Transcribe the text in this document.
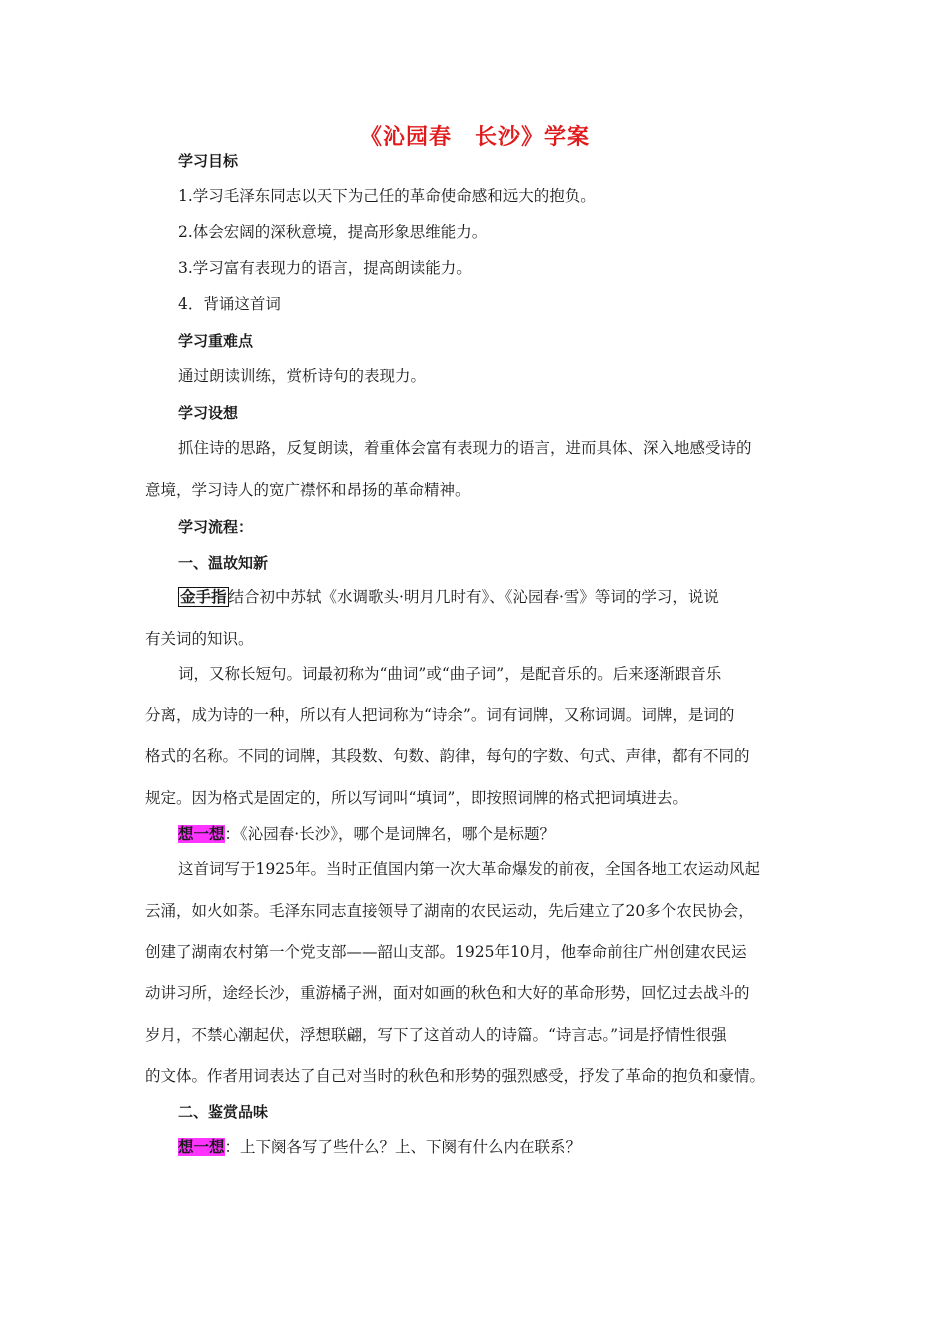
《沁园春　长沙》学案
学习目标
1.学习毛泽东同志以天下为己任的革命使命感和远大的抱负。
2.体会宏阔的深秋意境，提高形象思维能力。
3.学习富有表现力的语言，提高朗读能力。
4．背诵这首词
学习重难点
通过朗读训练，赏析诗句的表现力。
学习设想
抓住诗的思路，反复朗读，着重体会富有表现力的语言，进而具体、深入地感受诗的
意境，学习诗人的宽广襟怀和昂扬的革命精神。
学习流程：
一、温故知新
金手指 结合初中苏轼《水调歌头·明月几时有》、《沁园春·雪》等词的学习，说说
有关词的知识。
词，又称长短句。词最初称为“曲词”或“曲子词”，是配音乐的。后来逐渐跟音乐
分离，成为诗的一种，所以有人把词称为“诗余”。词有词牌，又称词调。词牌，是词的
格式的名称。不同的词牌，其段数、句数、韵律，每句的字数、句式、声律，都有不同的
规定。因为格式是固定的，所以写词叫“填词”，即按照词牌的格式把词填进去。
想一想：《沁园春·长沙》，哪个是词牌名，哪个是标题？
这首词写于1925年。当时正值国内第一次大革命爆发的前夜，全国各地工农运动风起
云涌，如火如荼。毛泽东同志直接领导了湖南的农民运动，先后建立了20多个农民协会，
创建了湖南农村第一个党支部——韶山支部。1925年10月，他奉命前往广州创建农民运
动讲习所，途经长沙，重游橘子洲，面对如画的秋色和大好的革命形势，回忆过去战斗的
岁月，不禁心潮起伏，浮想联翩，写下了这首动人的诗篇。“诗言志。”词是抒情性很强
的文体。作者用词表达了自己对当时的秋色和形势的强烈感受，抒发了革命的抱负和豪情。
二、鉴赏品味
想一想：上下阕各写了些什么？上、下阕有什么内在联系？
